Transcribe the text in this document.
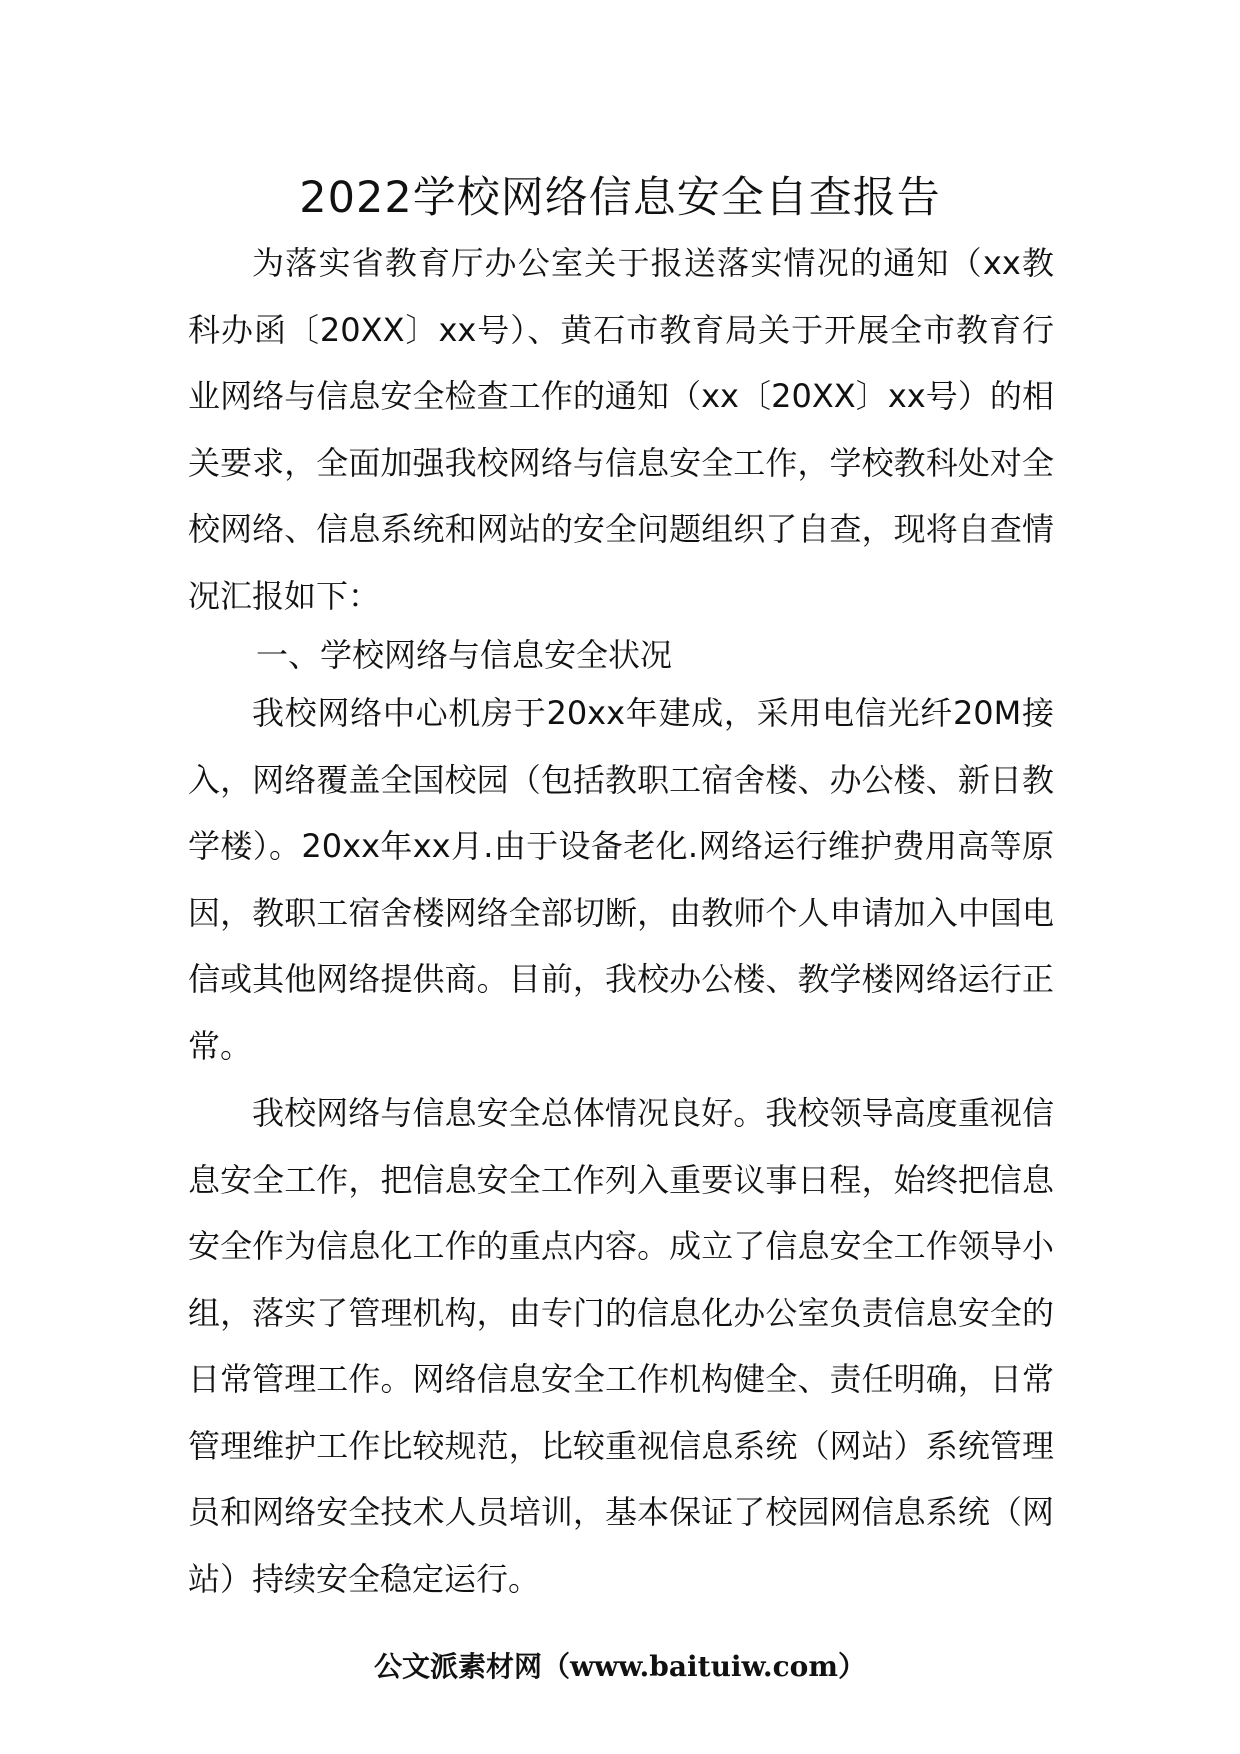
2022学校网络信息安全自查报告

为落实省教育厅办公室关于报送落实情况的通知（xx教科办函〔20XX〕xx号）、黄石市教育局关于开展全市教育行业网络与信息安全检查工作的通知（xx〔20XX〕xx号）的相关要求，全面加强我校网络与信息安全工作，学校教科处对全校网络、信息系统和网站的安全问题组织了自查，现将自查情况汇报如下：

一、学校网络与信息安全状况

我校网络中心机房于20xx年建成，采用电信光纤20M接入，网络覆盖全国校园（包括教职工宿舍楼、办公楼、新日教学楼）。20xx年xx月.由于设备老化.网络运行维护费用高等原因，教职工宿舍楼网络全部切断，由教师个人申请加入中国电信或其他网络提供商。目前，我校办公楼、教学楼网络运行正常。

我校网络与信息安全总体情况良好。我校领导高度重视信息安全工作，把信息安全工作列入重要议事日程，始终把信息安全作为信息化工作的重点内容。成立了信息安全工作领导小组，落实了管理机构，由专门的信息化办公室负责信息安全的日常管理工作。网络信息安全工作机构健全、责任明确，日常管理维护工作比较规范，比较重视信息系统（网站）系统管理员和网络安全技术人员培训，基本保证了校园网信息系统（网站）持续安全稳定运行。

公文派素材网（www.baituiw.com）
